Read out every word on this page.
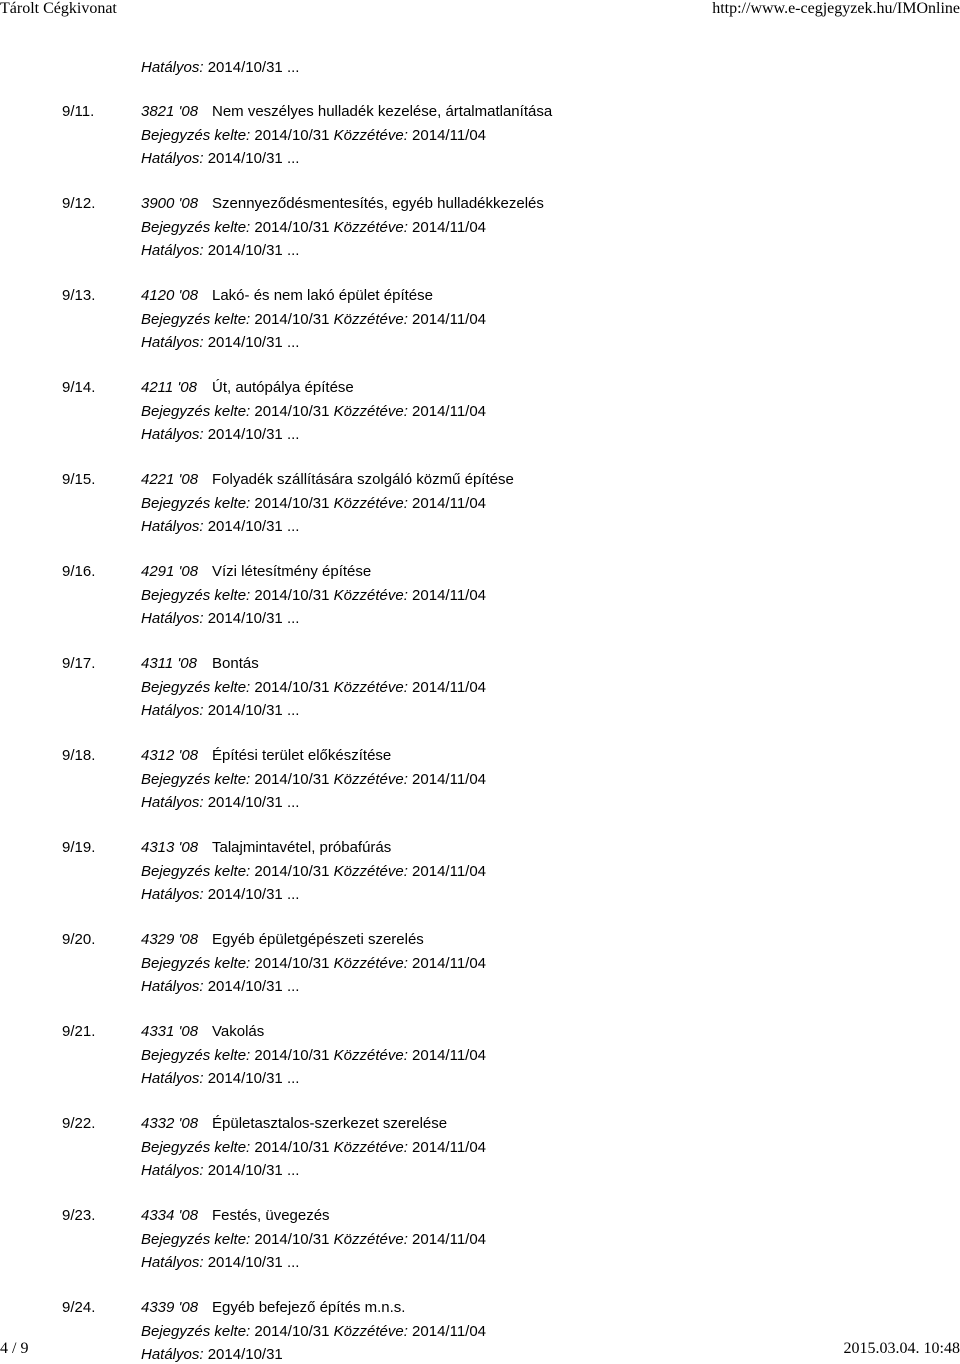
Tárolt Cégkivonat	http://www.e-cegjegyzek.hu/IMOnline
Hatályos: 2014/10/31 ...
9/11.	3821 '08 Nem veszélyes hulladék kezelése, ártalmatlanítása
Bejegyzés kelte: 2014/10/31 Közzétéve: 2014/11/04
Hatályos: 2014/10/31 ...
9/12.	3900 '08 Szennyeződésmentesítés, egyéb hulladékkezelés
Bejegyzés kelte: 2014/10/31 Közzétéve: 2014/11/04
Hatályos: 2014/10/31 ...
9/13.	4120 '08 Lakó- és nem lakó épület építése
Bejegyzés kelte: 2014/10/31 Közzétéve: 2014/11/04
Hatályos: 2014/10/31 ...
9/14.	4211 '08 Út, autópálya építése
Bejegyzés kelte: 2014/10/31 Közzétéve: 2014/11/04
Hatályos: 2014/10/31 ...
9/15.	4221 '08 Folyadék szállítására szolgáló közmű építése
Bejegyzés kelte: 2014/10/31 Közzétéve: 2014/11/04
Hatályos: 2014/10/31 ...
9/16.	4291 '08 Vízi létesítmény építése
Bejegyzés kelte: 2014/10/31 Közzétéve: 2014/11/04
Hatályos: 2014/10/31 ...
9/17.	4311 '08 Bontás
Bejegyzés kelte: 2014/10/31 Közzétéve: 2014/11/04
Hatályos: 2014/10/31 ...
9/18.	4312 '08 Építési terület előkészítése
Bejegyzés kelte: 2014/10/31 Közzétéve: 2014/11/04
Hatályos: 2014/10/31 ...
9/19.	4313 '08 Talajmintavétel, próbafúrás
Bejegyzés kelte: 2014/10/31 Közzétéve: 2014/11/04
Hatályos: 2014/10/31 ...
9/20.	4329 '08 Egyéb épületgépészeti szerelés
Bejegyzés kelte: 2014/10/31 Közzétéve: 2014/11/04
Hatályos: 2014/10/31 ...
9/21.	4331 '08 Vakolás
Bejegyzés kelte: 2014/10/31 Közzétéve: 2014/11/04
Hatályos: 2014/10/31 ...
9/22.	4332 '08 Épületasztalos-szerkezet szerelése
Bejegyzés kelte: 2014/10/31 Közzétéve: 2014/11/04
Hatályos: 2014/10/31 ...
9/23.	4334 '08 Festés, üvegezés
Bejegyzés kelte: 2014/10/31 Közzétéve: 2014/11/04
Hatályos: 2014/10/31 ...
9/24.	4339 '08 Egyéb befejező építés m.n.s.
Bejegyzés kelte: 2014/10/31 Közzétéve: 2014/11/04
Hatályos: 2014/10/31
4 / 9	2015.03.04. 10:48
